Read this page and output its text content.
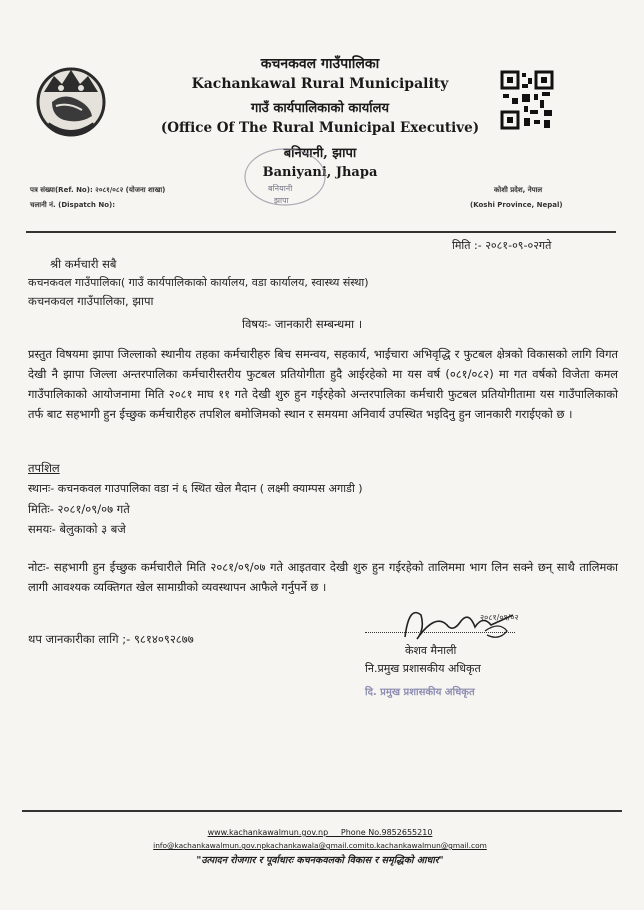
कचनकवल गाउँपालिका
Kachankawal Rural Municipality
गाउँ कार्यपालिकाको कार्यालय
(Office Of The Rural Municipal Executive)
बनियानी, झापा
Baniyani, Jhapa
बनियानी
झापा
पत्र संख्या(Ref. No): २०८१/०८२ (योजना शाखा)
चलानी नं. (Dispatch No):
कोशी प्रदेश, नेपाल
(Koshi Province, Nepal)
मिति :- २०८१-०९-०२गते
श्री कर्मचारी सबै
कचनकवल गाउँपालिका( गाउँ कार्यपालिकाको कार्यालय, वडा कार्यालय, स्वास्थ्य संस्था)
कचनकवल गाउँपालिका, झापा
विषयः- जानकारी सम्बन्धमा ।
प्रस्तुत विषयमा झापा जिल्लाको स्थानीय तहका कर्मचारीहरु बिच समन्वय, सहकार्य, भाईचारा अभिवृद्धि र फुटबल क्षेत्रको विकासको लागि विगत देखी नै झापा जिल्ला अन्तरपालिका कर्मचारीस्तरीय फुटबल प्रतियोगीता हुदै आईरहेको मा यस वर्ष (०८१/०८२) मा गत वर्षको विजेता कमल गाउँपालिकाको आयोजनामा मिति २०८१ माघ ११ गते देखी शुरु हुन गईरहेको अन्तरपालिका कर्मचारी फुटबल प्रतियोगीतामा यस गाउँपालिकाको तर्फ बाट सहभागी हुन ईच्छुक कर्मचारीहरु तपशिल बमोजिमको स्थान र समयमा अनिवार्य उपस्थित भइदिनु हुन जानकारी गराईएको छ ।
तपशिल
स्थानः- कचनकवल गाउपालिका वडा नं ६ स्थित खेल मैदान ( लक्ष्मी क्याम्पस अगाडी )
मितिः- २०८१/०९/०७ गते
समयः- बेलुकाको ३ बजे
नोटः- सहभागी हुन ईच्छुक कर्मचारीले मिति २०८१/०९/०७ गते आइतवार देखी शुरु हुन गईरहेको तालिममा भाग लिन सक्ने छन् साथै तालिमका लागी आवश्यक व्यक्तिगत खेल सामाग्रीको व्यवस्थापन आफैले गर्नुपर्ने छ ।
थप जानकारीका लागि ;- ९८१४०९२८७७
२०८१/०९/०२
केशव मैनाली
नि.प्रमुख प्रशासकीय अधिकृत
दि. प्रमुख प्रशासकीय अधिकृत
www.kachankawalmun.gov.np     Phone No.9852655210
info@kachankawalmun.gov.npkachankawala@gmail.comito.kachankawalmun@gmail.com
"उत्पादन रोजगार र पूर्वाधारः कचनकवलको विकास र समृद्धिको आधार"
